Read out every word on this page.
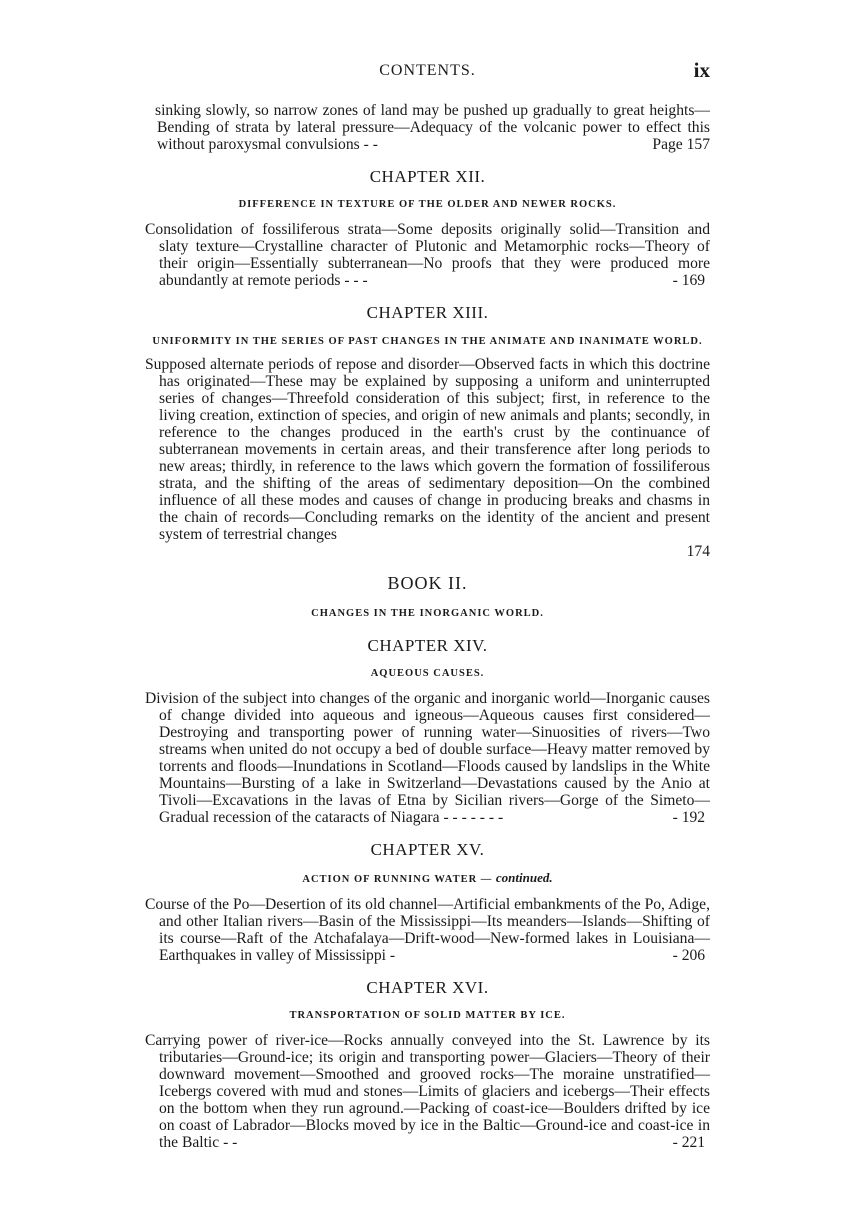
CONTENTS.	ix

sinking slowly, so narrow zones of land may be pushed up gradually to great heights—Bending of strata by lateral pressure—Adequacy of the volcanic power to effect this without paroxysmal convulsions - -	Page 157

CHAPTER XII.
DIFFERENCE IN TEXTURE OF THE OLDER AND NEWER ROCKS.

Consolidation of fossiliferous strata—Some deposits originally solid—Transition and slaty texture—Crystalline character of Plutonic and Metamorphic rocks—Theory of their origin—Essentially subterranean—No proofs that they were produced more abundantly at remote periods - - -	- 169

CHAPTER XIII.
UNIFORMITY IN THE SERIES OF PAST CHANGES IN THE ANIMATE AND INANIMATE WORLD.

Supposed alternate periods of repose and disorder—Observed facts in which this doctrine has originated—These may be explained by supposing a uniform and uninterrupted series of changes—Threefold consideration of this subject; first, in reference to the living creation, extinction of species, and origin of new animals and plants; secondly, in reference to the changes produced in the earth's crust by the continuance of subterranean movements in certain areas, and their transference after long periods to new areas; thirdly, in reference to the laws which govern the formation of fossiliferous strata, and the shifting of the areas of sedimentary deposition—On the combined influence of all these modes and causes of change in producing breaks and chasms in the chain of records—Concluding remarks on the identity of the ancient and present system of terrestrial changes

174

BOOK II.
CHANGES IN THE INORGANIC WORLD.
CHAPTER XIV.
AQUEOUS CAUSES.

Division of the subject into changes of the organic and inorganic world—Inorganic causes of change divided into aqueous and igneous—Aqueous causes first considered—Destroying and transporting power of running water—Sinuosities of rivers—Two streams when united do not occupy a bed of double surface—Heavy matter removed by torrents and floods—Inundations in Scotland—Floods caused by landslips in the White Mountains—Bursting of a lake in Switzerland—Devastations caused by the Anio at Tivoli—Excavations in the lavas of Etna by Sicilian rivers—Gorge of the Simeto—Gradual recession of the cataracts of Niagara - - - - - - -	- 192

CHAPTER XV.
ACTION OF RUNNING WATER — continued.

Course of the Po—Desertion of its old channel—Artificial embankments of the Po, Adige, and other Italian rivers—Basin of the Mississippi—Its meanders—Islands—Shifting of its course—Raft of the Atchafalaya—Drift-wood—New-formed lakes in Louisiana—Earthquakes in valley of Mississippi -	- 206

CHAPTER XVI.
TRANSPORTATION OF SOLID MATTER BY ICE.

Carrying power of river-ice—Rocks annually conveyed into the St. Lawrence by its tributaries—Ground-ice; its origin and transporting power—Glaciers—Theory of their downward movement—Smoothed and grooved rocks—The moraine unstratified—Icebergs covered with mud and stones—Limits of glaciers and icebergs—Their effects on the bottom when they run aground.—Packing of coast-ice—Boulders drifted by ice on coast of Labrador—Blocks moved by ice in the Baltic—Ground-ice and coast-ice in the Baltic - -	- 221
